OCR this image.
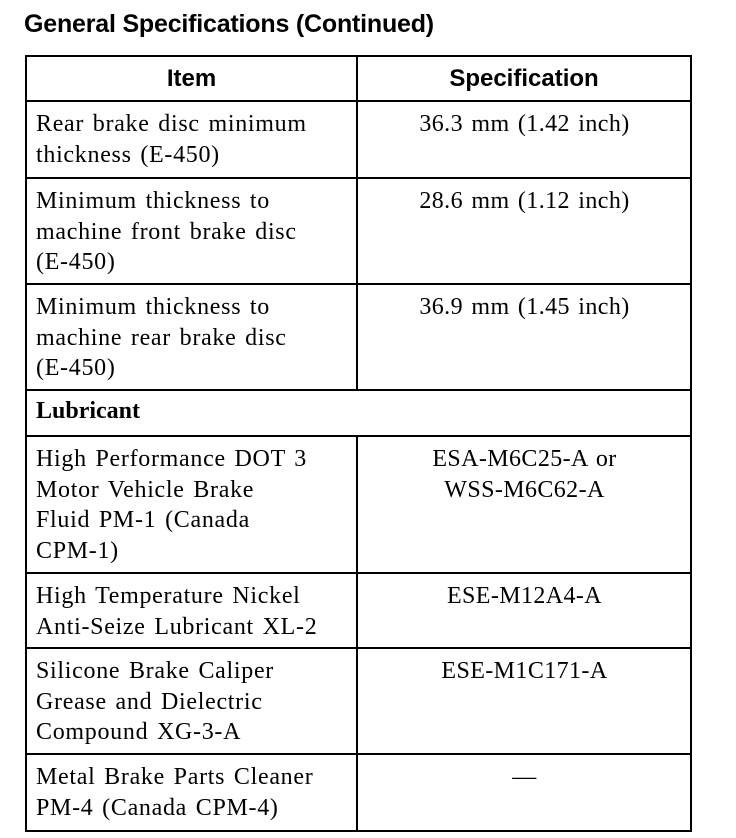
General Specifications (Continued)
Item	Specification

Rear brake disc minimum
thickness (E-450)	36.3 mm (1.42 inch)

Minimum thickness to
machine front brake disc
(E-450)	28.6 mm (1.12 inch)

Minimum thickness to
machine rear brake disc
(E-450)	36.9 mm (1.45 inch)

Lubricant	

High Performance DOT 3
Motor Vehicle Brake
Fluid PM-1 (Canada
CPM-1)	ESA-M6C25-A or
WSS-M6C62-A

High Temperature Nickel
Anti-Seize Lubricant XL-2	ESE-M12A4-A

Silicone Brake Caliper
Grease and Dielectric
Compound XG-3-A	ESE-M1C171-A

Metal Brake Parts Cleaner
PM-4 (Canada CPM-4)	—
